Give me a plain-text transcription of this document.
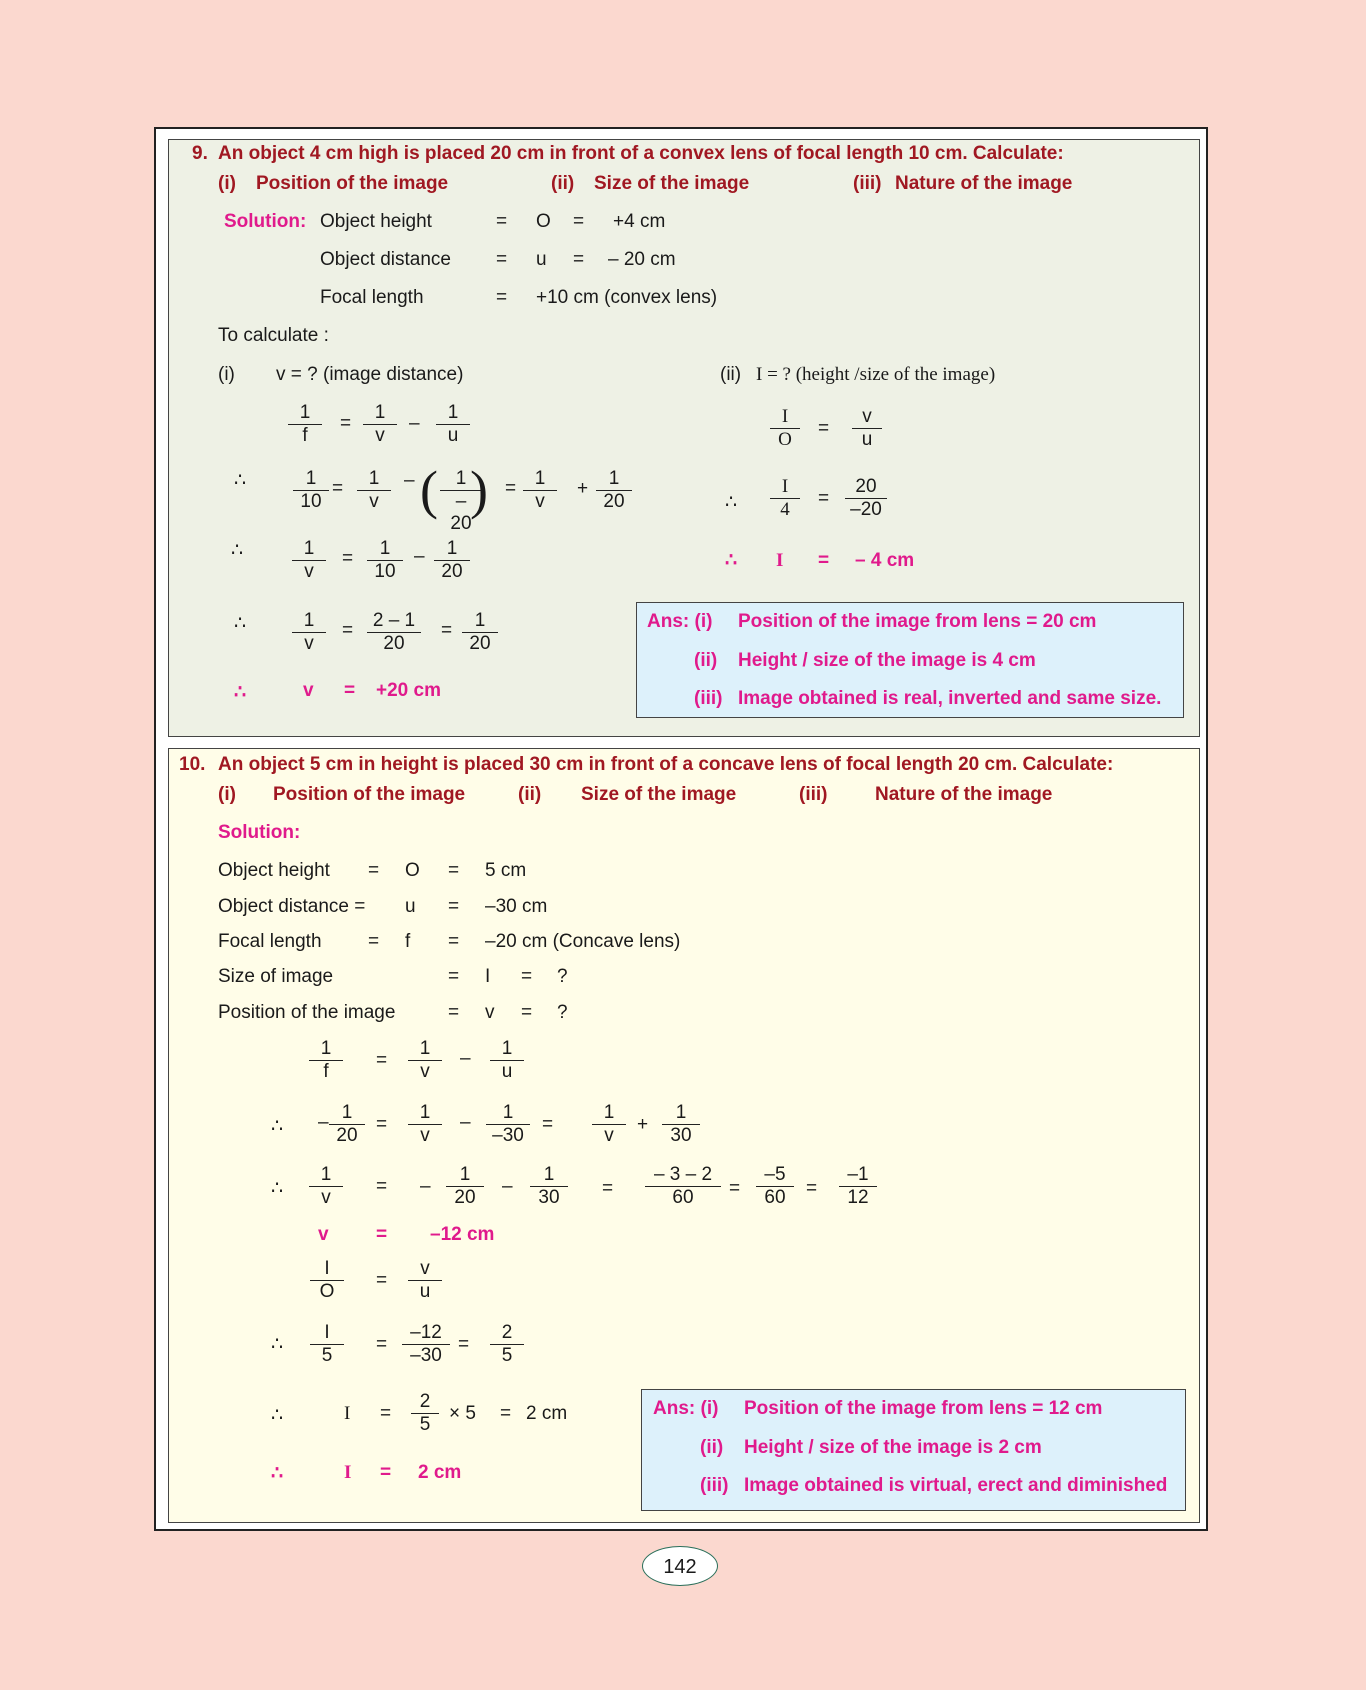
9. An object 4 cm high is placed 20 cm in front of a convex lens of focal length 10 cm. Calculate:
(i) Position of the image	(ii) Size of the image	(iii) Nature of the image
Solution: Object height	= O = +4 cm
Object distance = u = – 20 cm
Focal length	= +10 cm (convex lens)
To calculate :
(i) v = ? (image distance)	(ii) I = ? (height /size of the image)
1
f
=
1
v
–
1
u
∴	1
10
=	1
v
– ( 1
– 20
) = 1
v
+	1
20
∴	1
v
=	1
10
–	1
20
∴	1
v
=	2 – 1
20
=	1
20
∴	v = +20 cm
I
O
=
v
u
∴
I
4
=
20
–20
∴ I = – 4 cm
Ans: (i) Position of the image from lens = 20 cm
(ii) Height / size of the image is 4 cm
(iii) Image obtained is real, inverted and same size.
10. An object 5 cm in height is placed 30 cm in front of a concave lens of focal length 20 cm. Calculate:
(i) Position of the image	(ii) Size of the image	(iii)	Nature of the image
Solution:
Object height = O = 5 cm
Object distance = u = –30 cm
Focal length = f = –20 cm (Concave lens)
Size of image	= I = ?
Position of the image	= v = ?
1
f
=
1
v
–	1
u
∴ – 1
20
=
1
v
–	1
–30
=
1
v
+
1
30
∴
1
v
= –
1
20
–
1
30	=
– 3 – 2
60	=
–5
60	=
–1
12
v = –12 cm
I
O
=
v
u
∴
I
5
=
–12
–30
=
2
5
∴	I =
2
5
× 5 = 2 cm
∴	I = 2 cm
Ans: (i) Position of the image from lens = 12 cm
(ii) Height / size of the image is 2 cm
(iii) Image obtained is virtual, erect and diminished
142
